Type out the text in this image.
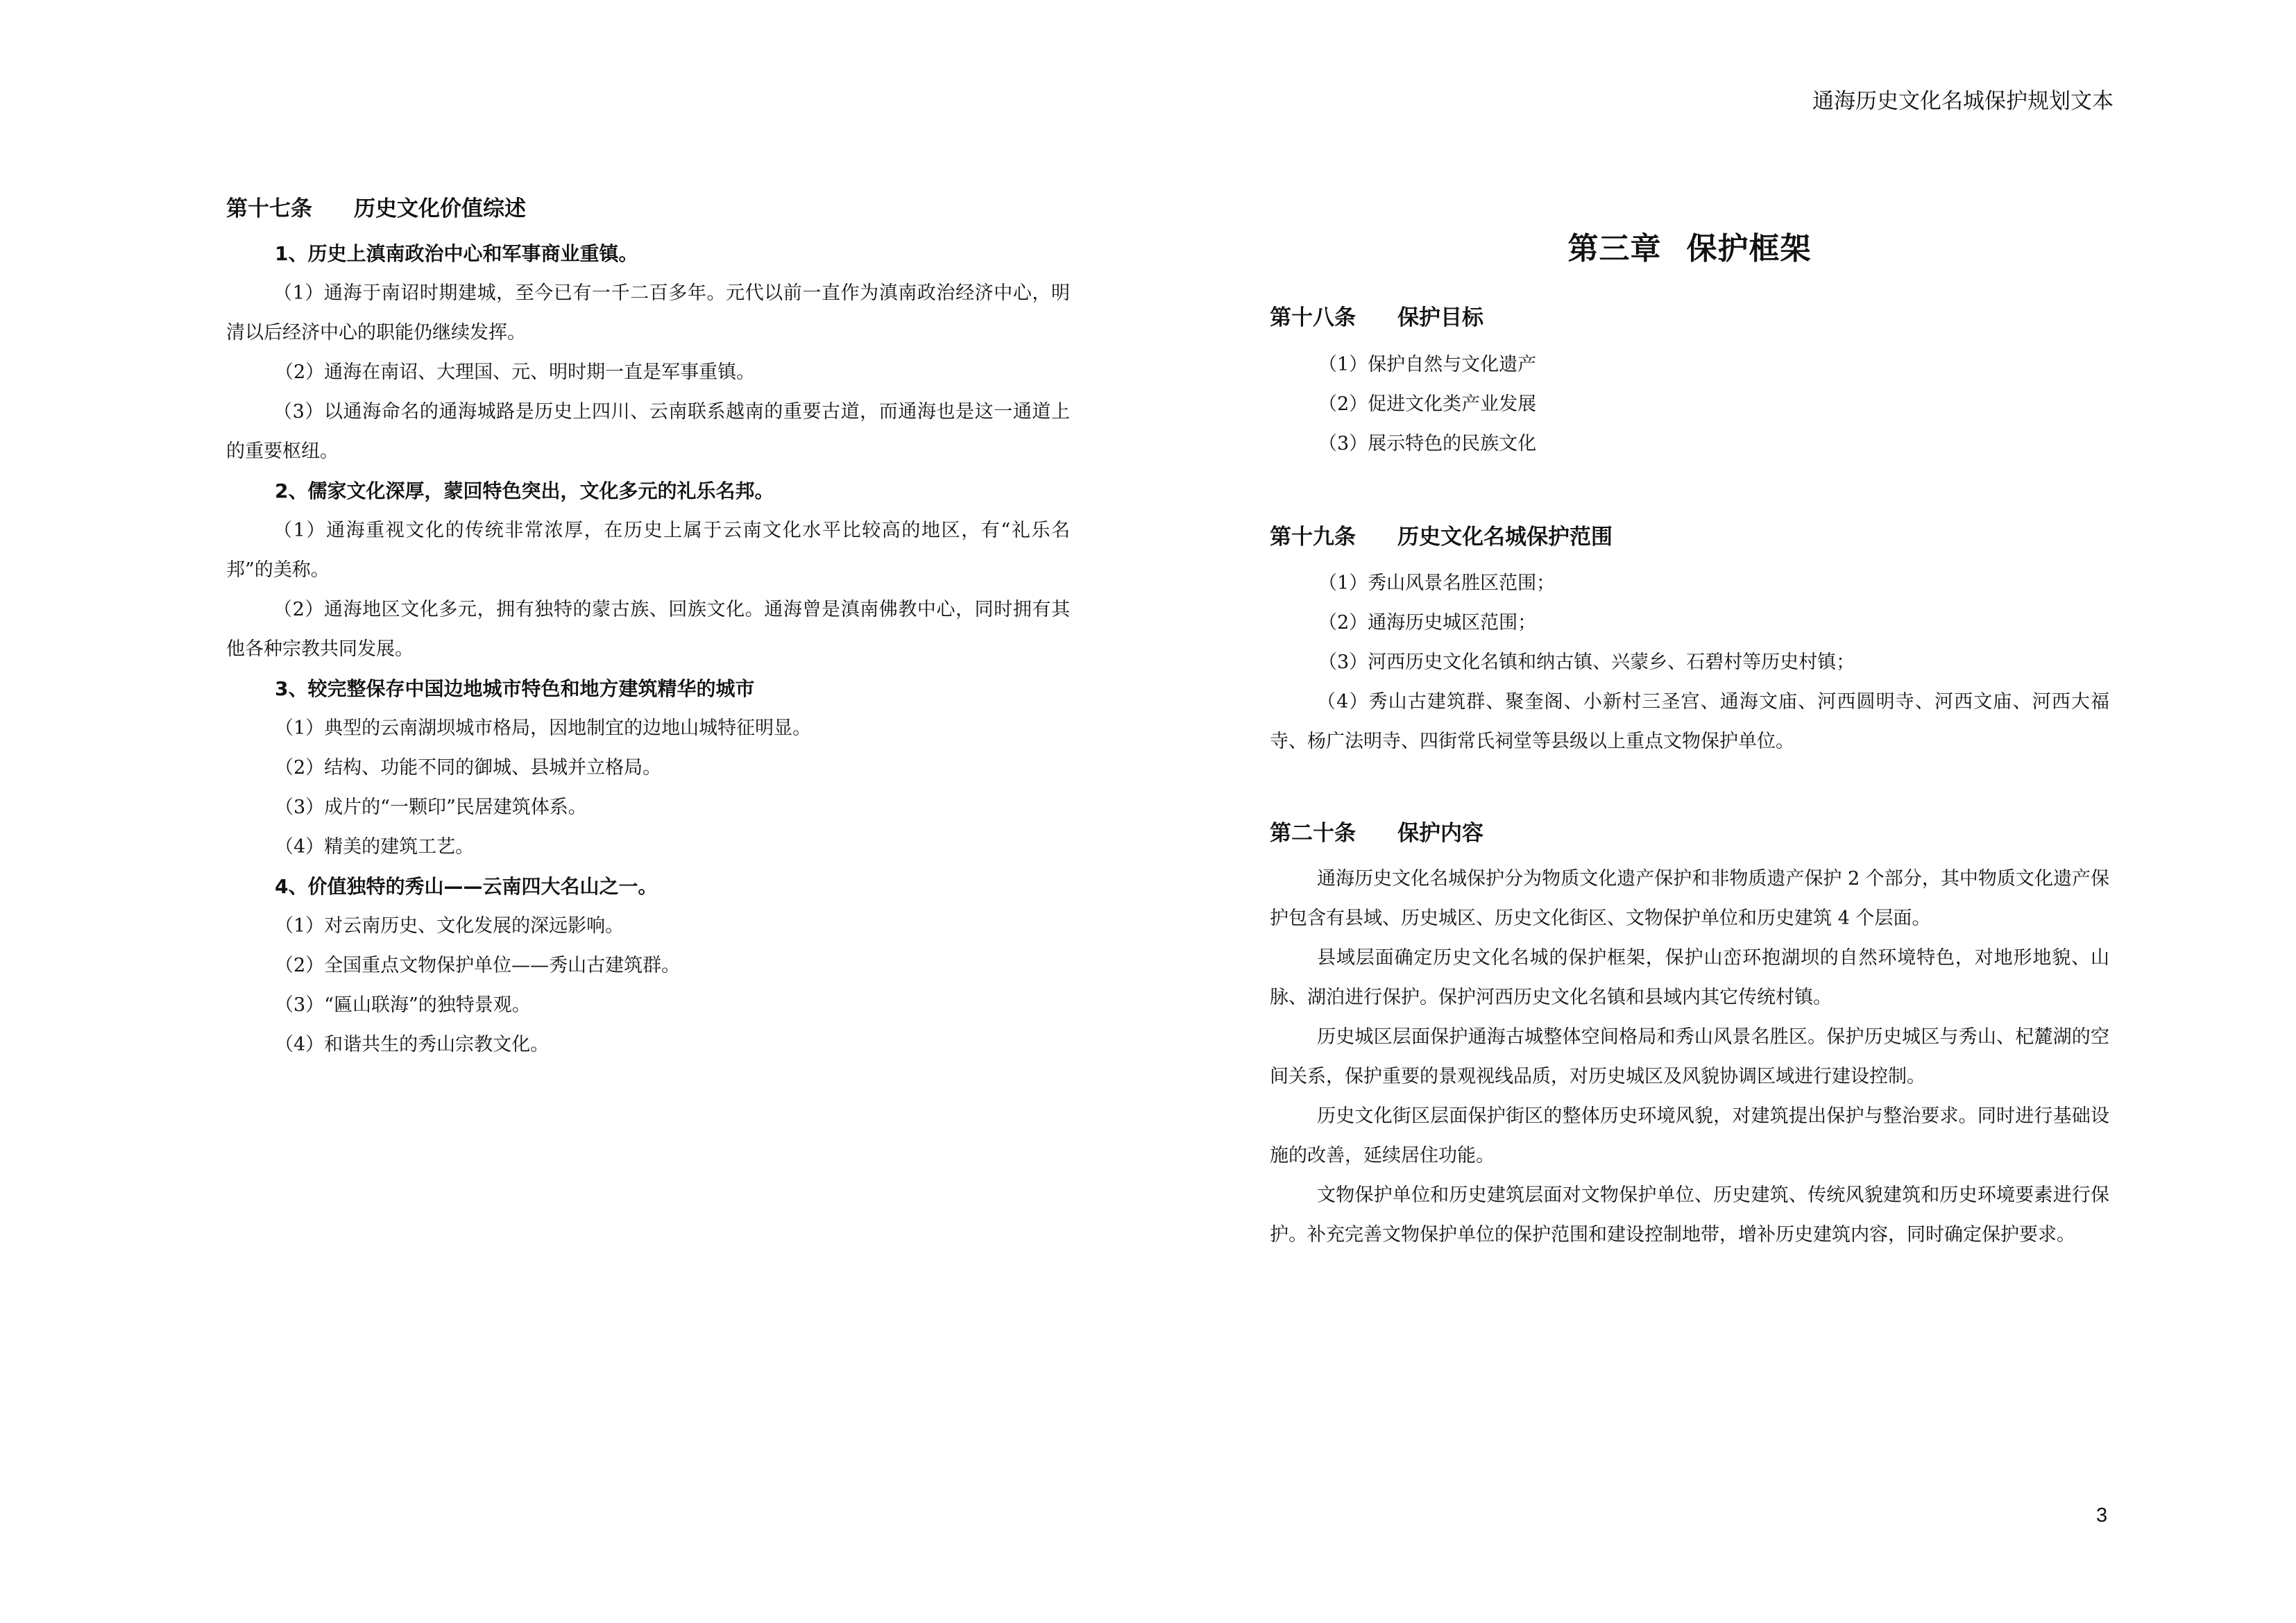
通海历史文化名城保护规划文本
第十七条 历史文化价值综述
1、历史上滇南政治中心和军事商业重镇。

（1）通海于南诏时期建城，至今已有一千二百多年。元代以前一直作为滇南政治经济中心，明清以后经济中心的职能仍继续发挥。

（2）通海在南诏、大理国、元、明时期一直是军事重镇。

（3）以通海命名的通海城路是历史上四川、云南联系越南的重要古道，而通海也是这一通道上的重要枢纽。

2、儒家文化深厚，蒙回特色突出，文化多元的礼乐名邦。

（1）通海重视文化的传统非常浓厚，在历史上属于云南文化水平比较高的地区，有“礼乐名邦”的美称。

（2）通海地区文化多元，拥有独特的蒙古族、回族文化。通海曾是滇南佛教中心，同时拥有其他各种宗教共同发展。

3、较完整保存中国边地城市特色和地方建筑精华的城市
（1）典型的云南湖坝城市格局，因地制宜的边地山城特征明显。
（2）结构、功能不同的御城、县城并立格局。
（3）成片的“一颗印”民居建筑体系。
（4）精美的建筑工艺。
4、价值独特的秀山——云南四大名山之一。
（1）对云南历史、文化发展的深远影响。
（2）全国重点文物保护单位——秀山古建筑群。
（3）“匾山联海”的独特景观。
（4）和谐共生的秀山宗教文化。
第三章 保护框架
第十八条 保护目标
（1）保护自然与文化遗产
（2）促进文化类产业发展
（3）展示特色的民族文化
第十九条 历史文化名城保护范围
（1）秀山风景名胜区范围；
（2）通海历史城区范围；
（3）河西历史文化名镇和纳古镇、兴蒙乡、石碧村等历史村镇；

（4）秀山古建筑群、聚奎阁、小新村三圣宫、通海文庙、河西圆明寺、河西文庙、河西大福寺、杨广法明寺、四街常氏祠堂等县级以上重点文物保护单位。

第二十条 保护内容

通海历史文化名城保护分为物质文化遗产保护和非物质遗产保护 2 个部分，其中物质文化遗产保护包含有县域、历史城区、历史文化街区、文物保护单位和历史建筑 4 个层面。

县域层面确定历史文化名城的保护框架，保护山峦环抱湖坝的自然环境特色，对地形地貌、山脉、湖泊进行保护。保护河西历史文化名镇和县域内其它传统村镇。

历史城区层面保护通海古城整体空间格局和秀山风景名胜区。保护历史城区与秀山、杞麓湖的空间关系，保护重要的景观视线品质，对历史城区及风貌协调区域进行建设控制。

历史文化街区层面保护街区的整体历史环境风貌，对建筑提出保护与整治要求。同时进行基础设施的改善，延续居住功能。

文物保护单位和历史建筑层面对文物保护单位、历史建筑、传统风貌建筑和历史环境要素进行保护。补充完善文物保护单位的保护范围和建设控制地带，增补历史建筑内容，同时确定保护要求。

3
